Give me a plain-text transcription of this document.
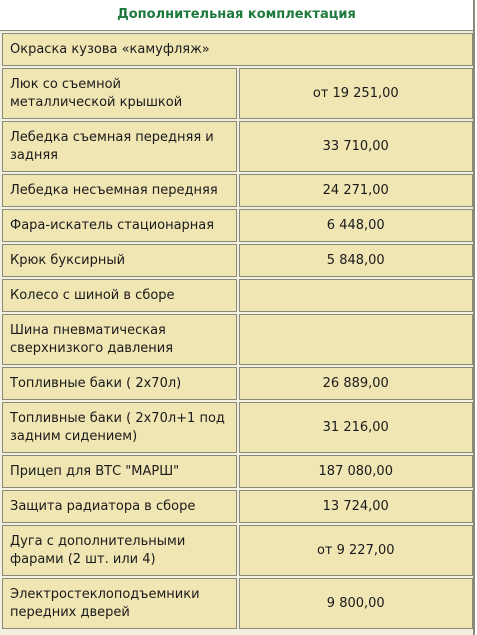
Дополнительная комплектация
Окраска кузова «камуфляж»	
Люк со съемной металлической крышкой	от 19 251,00
Лебедка съемная передняя и задняя	33 710,00
Лебедка несъемная передняя	24 271,00
Фара-искатель стационарная	6 448,00
Крюк буксирный	5 848,00
Колесо с шиной в сборе	
Шина пневматическая сверхнизкого давления	
Топливные баки ( 2х70л)	26 889,00
Топливные баки ( 2х70л+1 под задним сидением)	31 216,00
Прицеп для ВТС "МАРШ"	187 080,00
Защита радиатора в сборе	13 724,00
Дуга с дополнительными фарами (2 шт. или 4)	от 9 227,00
Электростеклоподъемники передних дверей	9 800,00
